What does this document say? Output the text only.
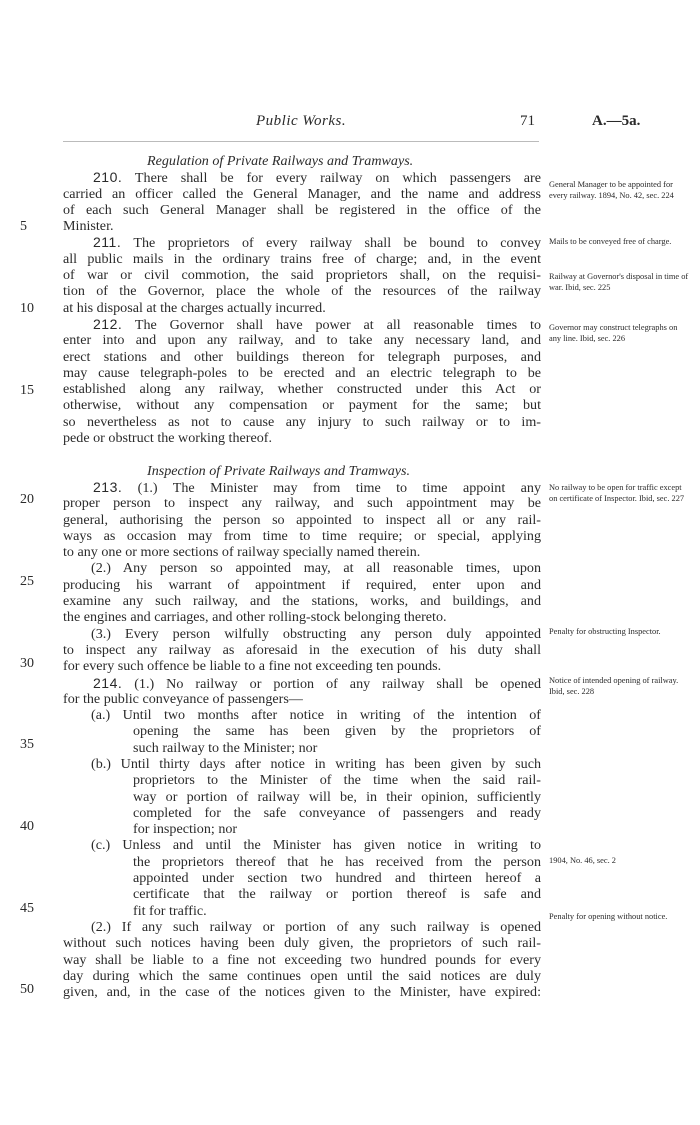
Public Works.	71	A.—5a.
Regulation of Private Railways and Tramways.
210. There shall be for every railway on which passengers are
carried an officer called the General Manager, and the name and address
of each such General Manager shall be registered in the office of the
Minister.
211. The proprietors of every railway shall be bound to convey
all public mails in the ordinary trains free of charge; and, in the event
of war or civil commotion, the said proprietors shall, on the requisi-
tion of the Governor, place the whole of the resources of the railway
at his disposal at the charges actually incurred.
212. The Governor shall have power at all reasonable times to
enter into and upon any railway, and to take any necessary land, and
erect stations and other buildings thereon for telegraph purposes, and
may cause telegraph-poles to be erected and an electric telegraph to be
established along any railway, whether constructed under this Act or
otherwise, without any compensation or payment for the same; but
so nevertheless as not to cause any injury to such railway or to im-
pede or obstruct the working thereof.
Inspection of Private Railways and Tramways.
213. (1.) The Minister may from time to time appoint any
proper person to inspect any railway, and such appointment may be
general, authorising the person so appointed to inspect all or any rail-
ways as occasion may from time to time require; or special, applying
to any one or more sections of railway specially named therein.
(2.) Any person so appointed may, at all reasonable times, upon
producing his warrant of appointment if required, enter upon and
examine any such railway, and the stations, works, and buildings, and
the engines and carriages, and other rolling-stock belonging thereto.
(3.) Every person wilfully obstructing any person duly appointed
to inspect any railway as aforesaid in the execution of his duty shall
for every such offence be liable to a fine not exceeding ten pounds.
214. (1.) No railway or portion of any railway shall be opened
for the public conveyance of passengers—
(a.) Until two months after notice in writing of the intention of
opening the same has been given by the proprietors of
such railway to the Minister; nor
(b.) Until thirty days after notice in writing has been given by such
proprietors to the Minister of the time when the said rail-
way or portion of railway will be, in their opinion, sufficiently
completed for the safe conveyance of passengers and ready
for inspection; nor
(c.) Unless and until the Minister has given notice in writing to
the proprietors thereof that he has received from the person
appointed under section two hundred and thirteen hereof a
certificate that the railway or portion thereof is safe and
fit for traffic.
(2.) If any such railway or portion of any such railway is opened
without such notices having been duly given, the proprietors of such rail-
way shall be liable to a fine not exceeding two hundred pounds for every
day during which the same continues open until the said notices are duly
given, and, in the case of the notices given to the Minister, have expired:
5
10
15
20
25
30
35
40
45
50
General Manager to be appointed for every railway. 1894, No. 42, sec. 224
Mails to be conveyed free of charge.
Railway at Governor's disposal in time of war. Ibid, sec. 225
Governor may construct telegraphs on any line. Ibid, sec. 226
No railway to be open for traffic except on certificate of Inspector. Ibid, sec. 227
Penalty for obstructing Inspector.
Notice of intended opening of railway. Ibid, sec. 228
1904, No. 46, sec. 2
Penalty for opening without notice.
